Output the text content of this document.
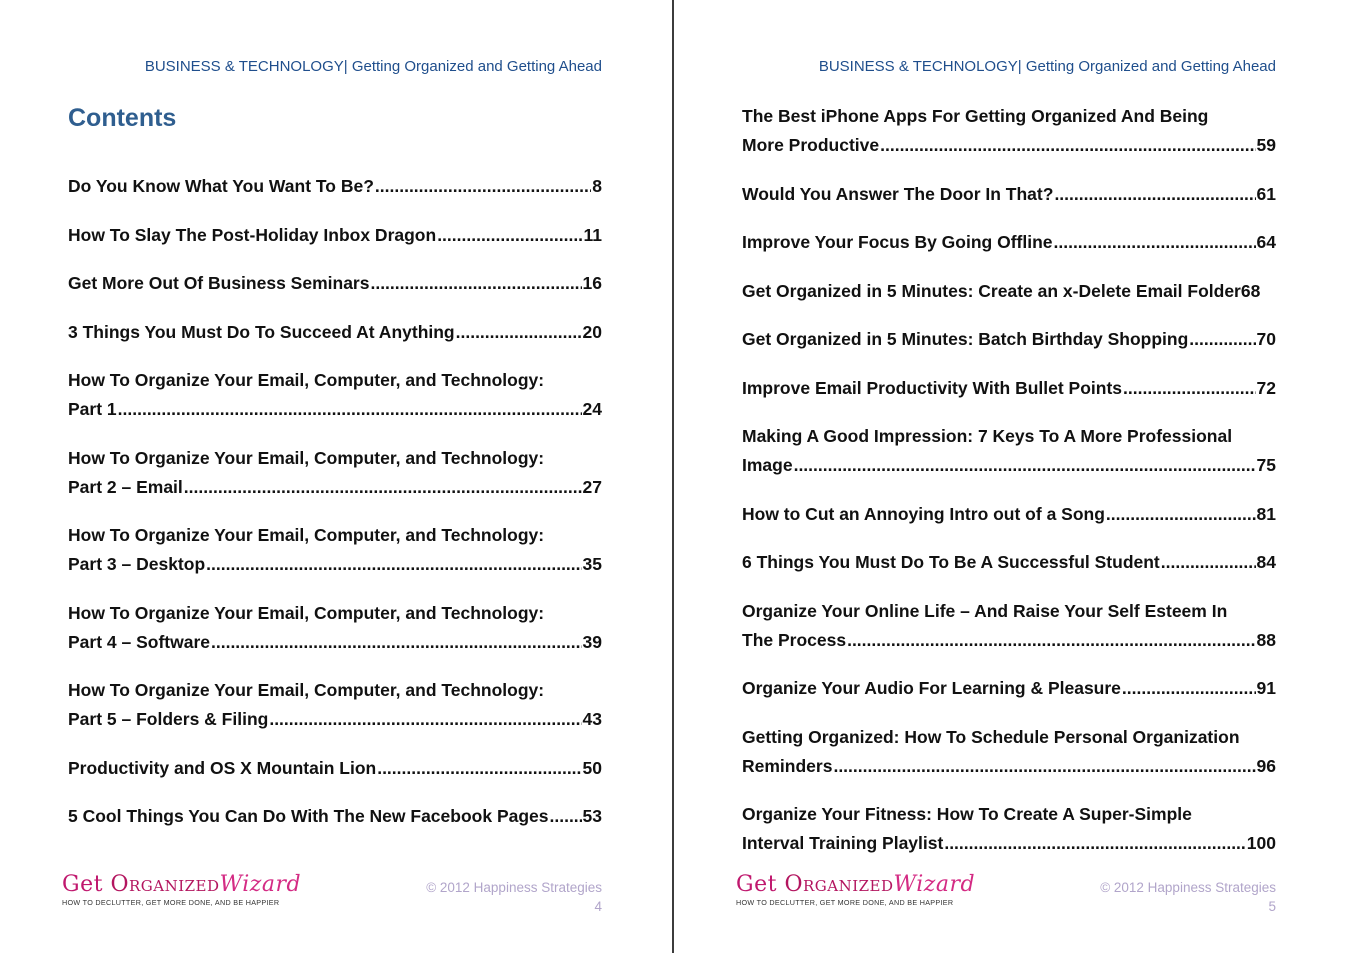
BUSINESS & TECHNOLOGY| Getting Organized and Getting Ahead
Contents
Do You Know What You Want To Be? .....	8
How To Slay The Post-Holiday Inbox Dragon .....	11
Get More Out Of Business Seminars .....	16
3 Things You Must Do To Succeed At Anything .....	20
How To Organize Your Email, Computer, and Technology:
Part 1 .....	24
How To Organize Your Email, Computer, and Technology:
Part 2 – Email .....	27
How To Organize Your Email, Computer, and Technology:
Part 3 – Desktop .....	35
How To Organize Your Email, Computer, and Technology:
Part 4 – Software .....	39
How To Organize Your Email, Computer, and Technology:
Part 5 – Folders & Filing .....	43
Productivity and OS X Mountain Lion .....	50
5 Cool Things You Can Do With The New Facebook Pages ..... 53
Get OrganizedWizard
HOW TO DECLUTTER, GET MORE DONE, AND BE HAPPIER
© 2012 Happiness Strategies
4
BUSINESS & TECHNOLOGY| Getting Organized and Getting Ahead
The Best iPhone Apps For Getting Organized And Being
More Productive .....	59
Would You Answer The Door In That? .....	61
Improve Your Focus By Going Offline .....	64
Get Organized in 5 Minutes: Create an x-Delete Email Folder 68
Get Organized in 5 Minutes: Batch Birthday Shopping .....	70
Improve Email Productivity With Bullet Points .....	72
Making A Good Impression: 7 Keys To A More Professional
Image .....	75
How to Cut an Annoying Intro out of a Song .....	81
6 Things You Must Do To Be A Successful Student .....	84
Organize Your Online Life – And Raise Your Self Esteem In
The Process .....	88
Organize Your Audio For Learning & Pleasure .....	91
Getting Organized: How To Schedule Personal Organization
Reminders .....	96
Organize Your Fitness: How To Create A Super-Simple
Interval Training Playlist .....	100
Get OrganizedWizard
HOW TO DECLUTTER, GET MORE DONE, AND BE HAPPIER
© 2012 Happiness Strategies
5
